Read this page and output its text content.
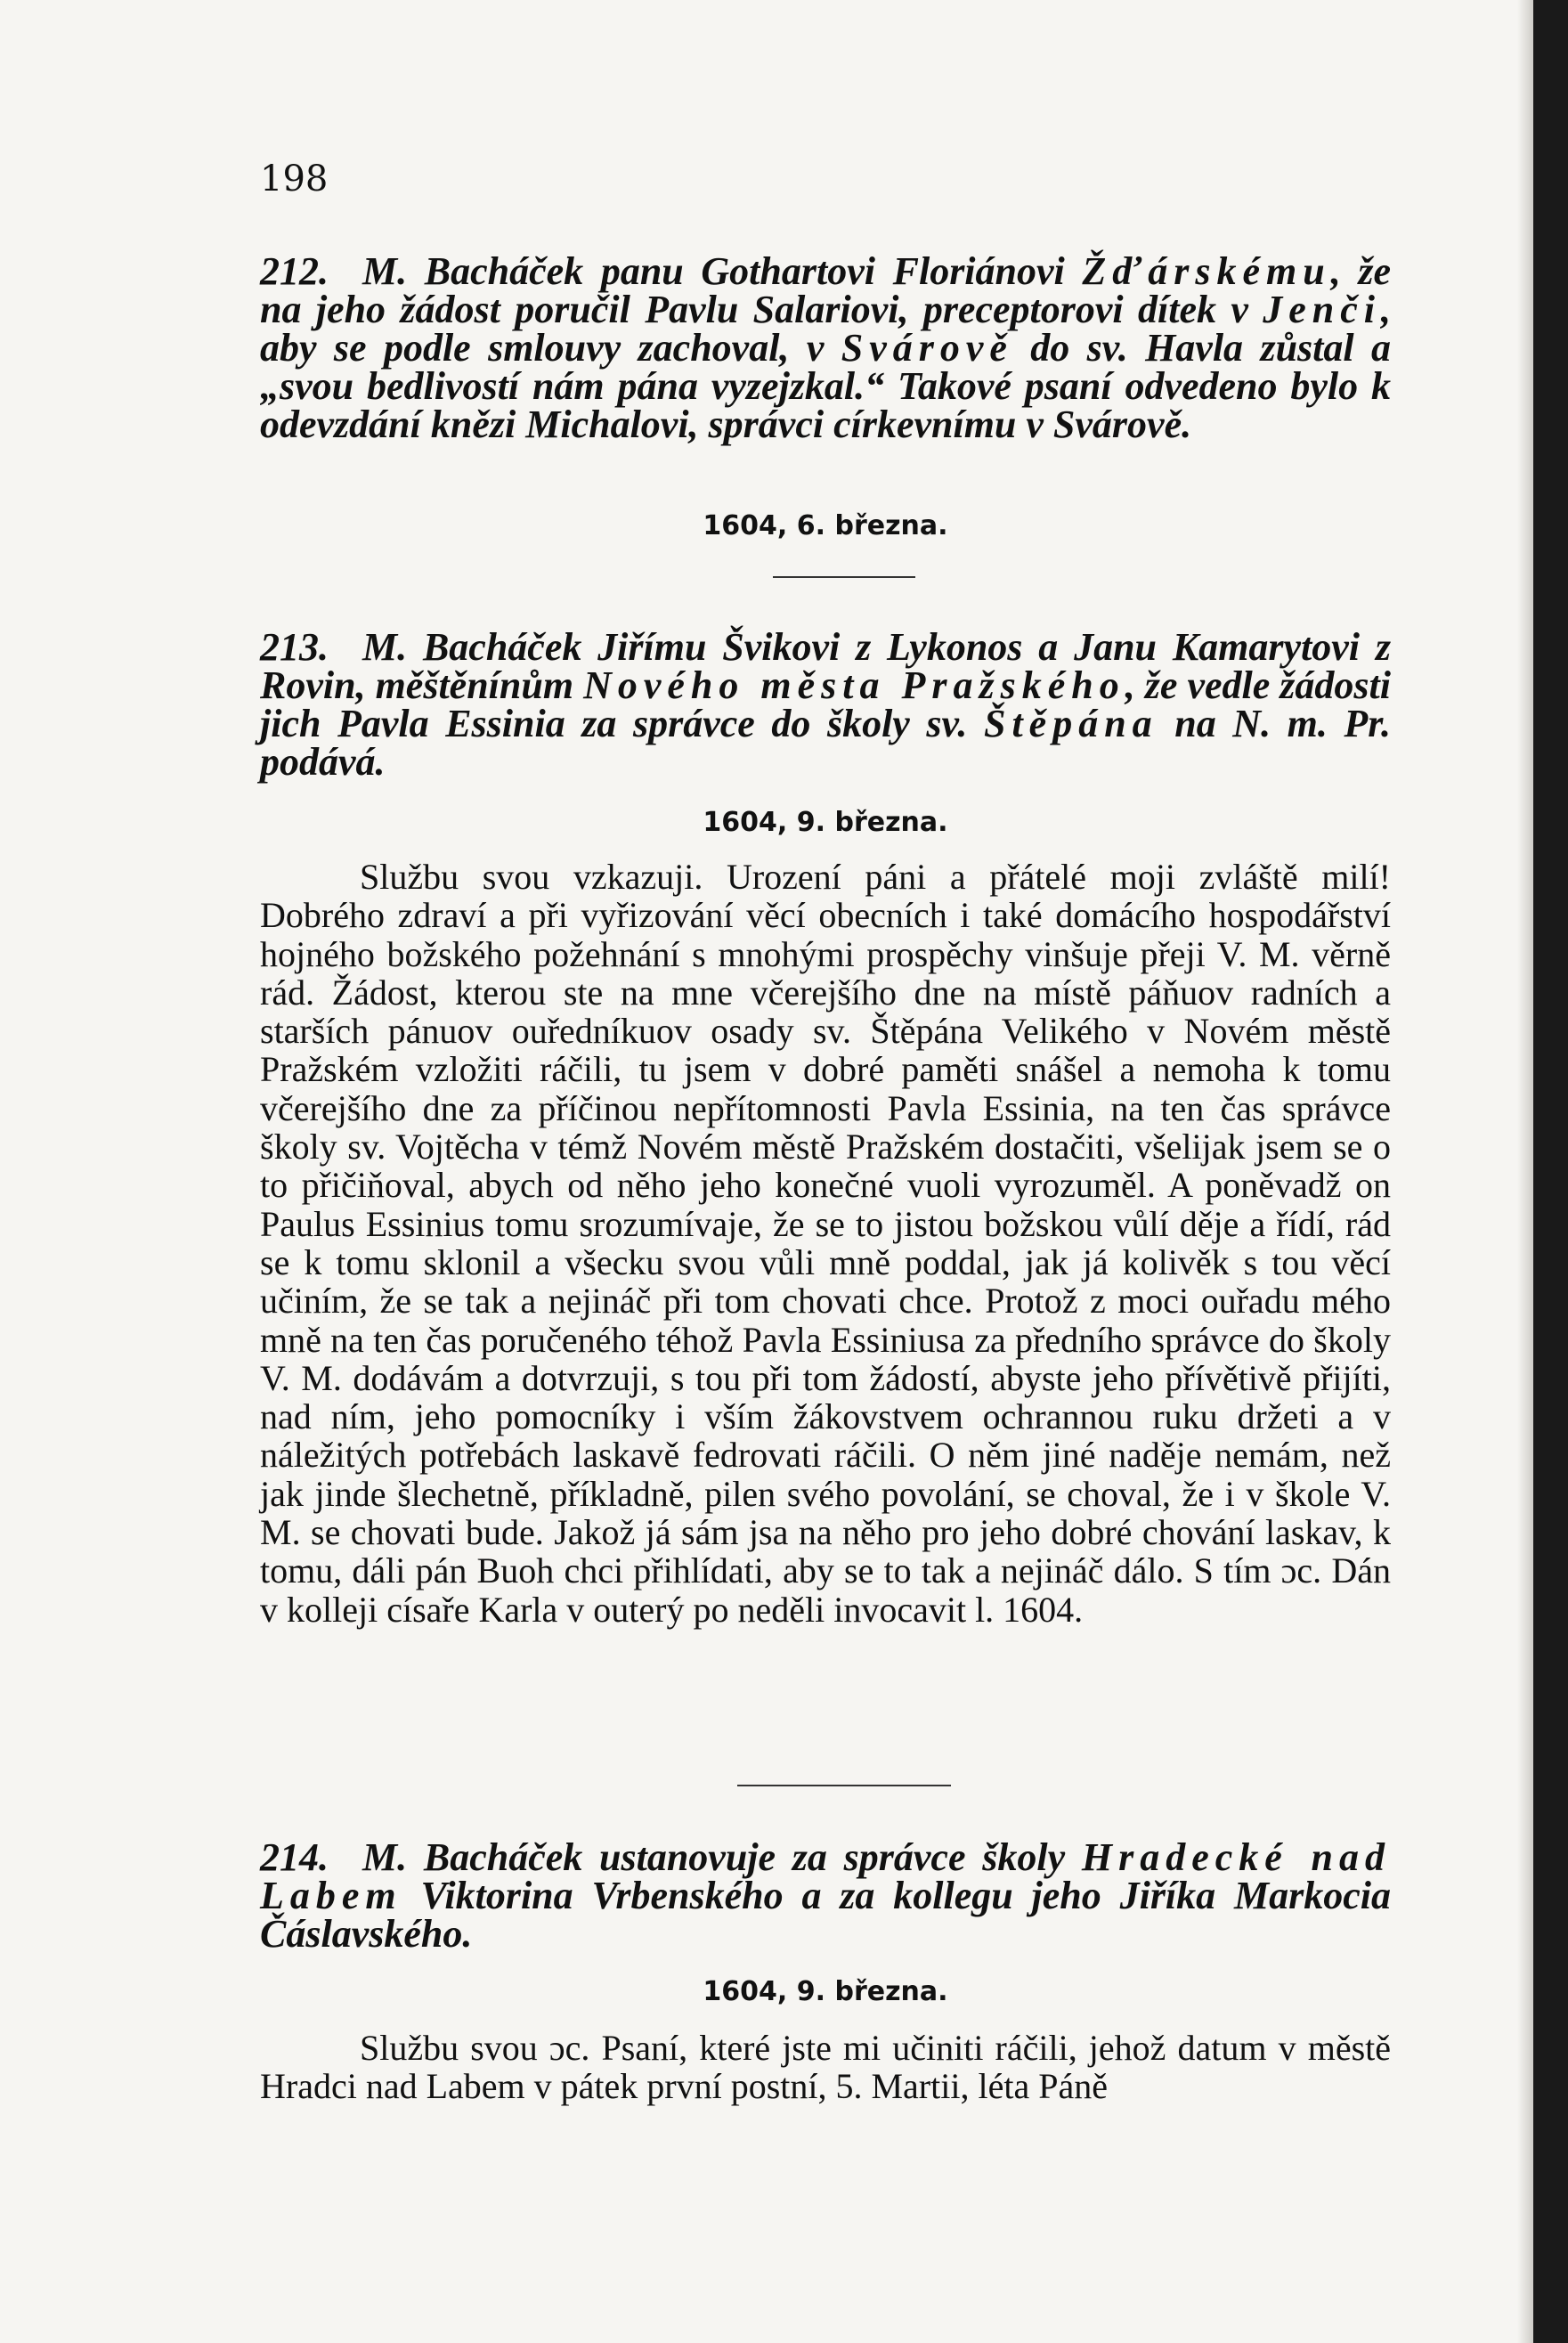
198

212. M. Bacháček panu Gothartovi Floriánovi Žďárskému, že na jeho žádost poručil Pavlu Salariovi, preceptorovi dítek v Jenči, aby se podle smlouvy zachoval, v Svárově do sv. Havla zůstal a „svou bedlivostí nám pána vyzejzkal.“ Takové psaní odvedeno bylo k odevzdání knězi Michalovi, správci církevnímu v Svárově.

1604, 6. března.

213. M. Bacháček Jiřímu Švikovi z Lykonos a Janu Kamarytovi z Rovin, měštěnínům Nového města Pražského, že vedle žádosti jich Pavla Essinia za správce do školy sv. Štěpána na N. m. Pr. podává.

1604, 9. března.

Službu svou vzkazuji. Urození páni a přátelé moji zvláště milí! Dobrého zdraví a při vyřizování věcí obecních i také domácího hospodářství hojného božského požehnání s mnohými prospěchy vinšuje přeji V. M. věrně rád. Žádost, kterou ste na mne včerejšího dne na místě páňuov radních a starších pánuov ouředníkuov osady sv. Štěpána Velikého v Novém městě Pražském vzložiti ráčili, tu jsem v dobré paměti snášel a nemoha k tomu včerejšího dne za příčinou nepřítomnosti Pavla Essinia, na ten čas správce školy sv. Vojtěcha v témž Novém městě Pražském dostačiti, všelijak jsem se o to přičiňoval, abych od něho jeho konečné vuoli vyrozuměl. A poněvadž on Paulus Essinius tomu srozumívaje, že se to jistou božskou vůlí děje a řídí, rád se k tomu sklonil a všecku svou vůli mně poddal, jak já kolivěk s tou věcí učiním, že se tak a nejináč při tom chovati chce. Protož z moci ouřadu mého mně na ten čas poručeného téhož Pavla Essiniusa za předního správce do školy V. M. dodávám a dotvrzuji, s tou při tom žádostí, abyste jeho přívětivě přijíti, nad ním, jeho pomocníky i vším žákovstvem ochrannou ruku držeti a v náležitých potřebách laskavě fedrovati ráčili. O něm jiné naděje nemám, než jak jinde šlechetně, příkladně, pilen svého povolání, se choval, že i v škole V. M. se chovati bude. Jakož já sám jsa na něho pro jeho dobré chování laskav, k tomu, dáli pán Buoh chci přihlídati, aby se to tak a nejináč dálo. S tím ɔc. Dán v kolleji císaře Karla v outerý po neděli invocavit l. 1604.

214. M. Bacháček ustanovuje za správce školy Hradecké nad Labem Viktorina Vrbenského a za kollegu jeho Jiříka Markocia Čáslavského.

1604, 9. března.

Službu svou ɔc. Psaní, které jste mi učiniti ráčili, jehož datum v městě Hradci nad Labem v pátek první postní, 5. Martii, léta Páně
